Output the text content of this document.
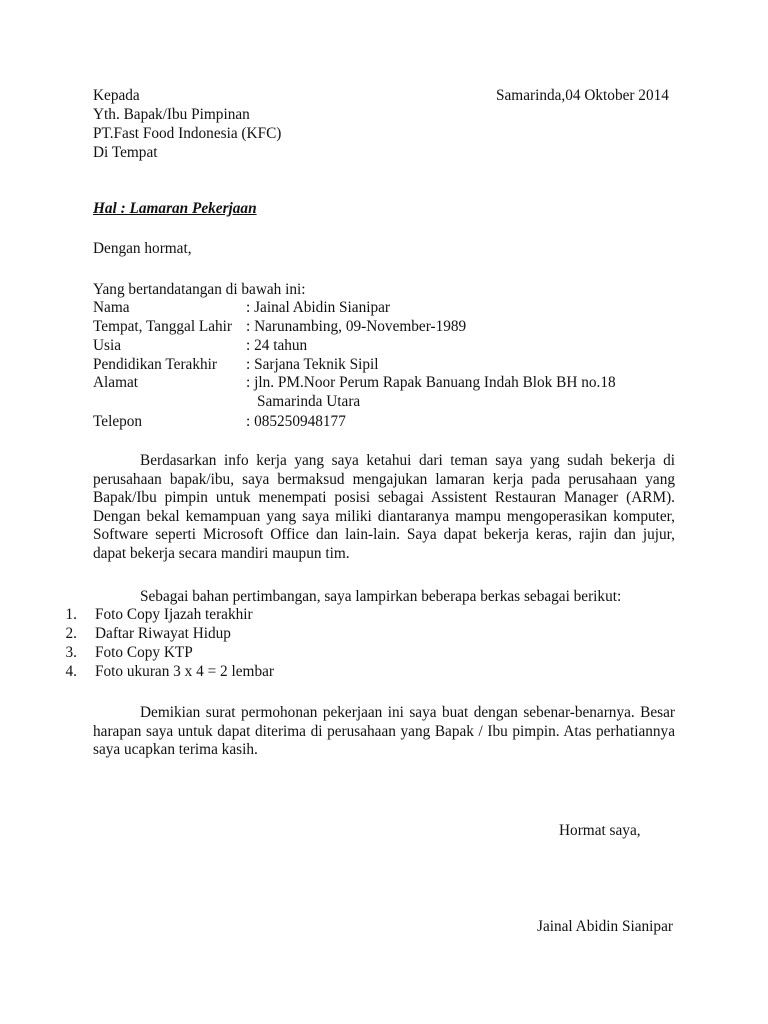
Kepada	Samarinda,04 Oktober 2014
Yth. Bapak/Ibu Pimpinan
PT.Fast Food Indonesia (KFC)
Di Tempat
Hal : Lamaran Pekerjaan
Dengan hormat,
Yang bertandatangan di bawah ini:
Nama	: Jainal Abidin Sianipar
Tempat, Tanggal Lahir : Narunambing, 09-November-1989
Usia	: 24 tahun
Pendidikan Terakhir : Sarjana Teknik Sipil
Alamat	: jln. PM.Noor Perum Rapak Banuang Indah Blok BH no.18
Samarinda Utara
Telepon	: 085250948177
Berdasarkan info kerja yang saya ketahui dari teman saya yang sudah bekerja di
perusahaan bapak/ibu, saya bermaksud mengajukan lamaran kerja pada perusahaan yang
Bapak/Ibu pimpin untuk menempati posisi sebagai Assistent Restauran Manager (ARM).
Dengan bekal kemampuan yang saya miliki diantaranya mampu mengoperasikan komputer,
Software seperti Microsoft Office dan lain-lain. Saya dapat bekerja keras, rajin dan jujur,
dapat bekerja secara mandiri maupun tim.
Sebagai bahan pertimbangan, saya lampirkan beberapa berkas sebagai berikut:
1. Foto Copy Ijazah terakhir
2. Daftar Riwayat Hidup
3. Foto Copy KTP
4. Foto ukuran 3 x 4 = 2 lembar
Demikian surat permohonan pekerjaan ini saya buat dengan sebenar-benarnya. Besar
harapan saya untuk dapat diterima di perusahaan yang Bapak / Ibu pimpin. Atas perhatiannya
saya ucapkan terima kasih.
Hormat saya,
Jainal Abidin Sianipar
